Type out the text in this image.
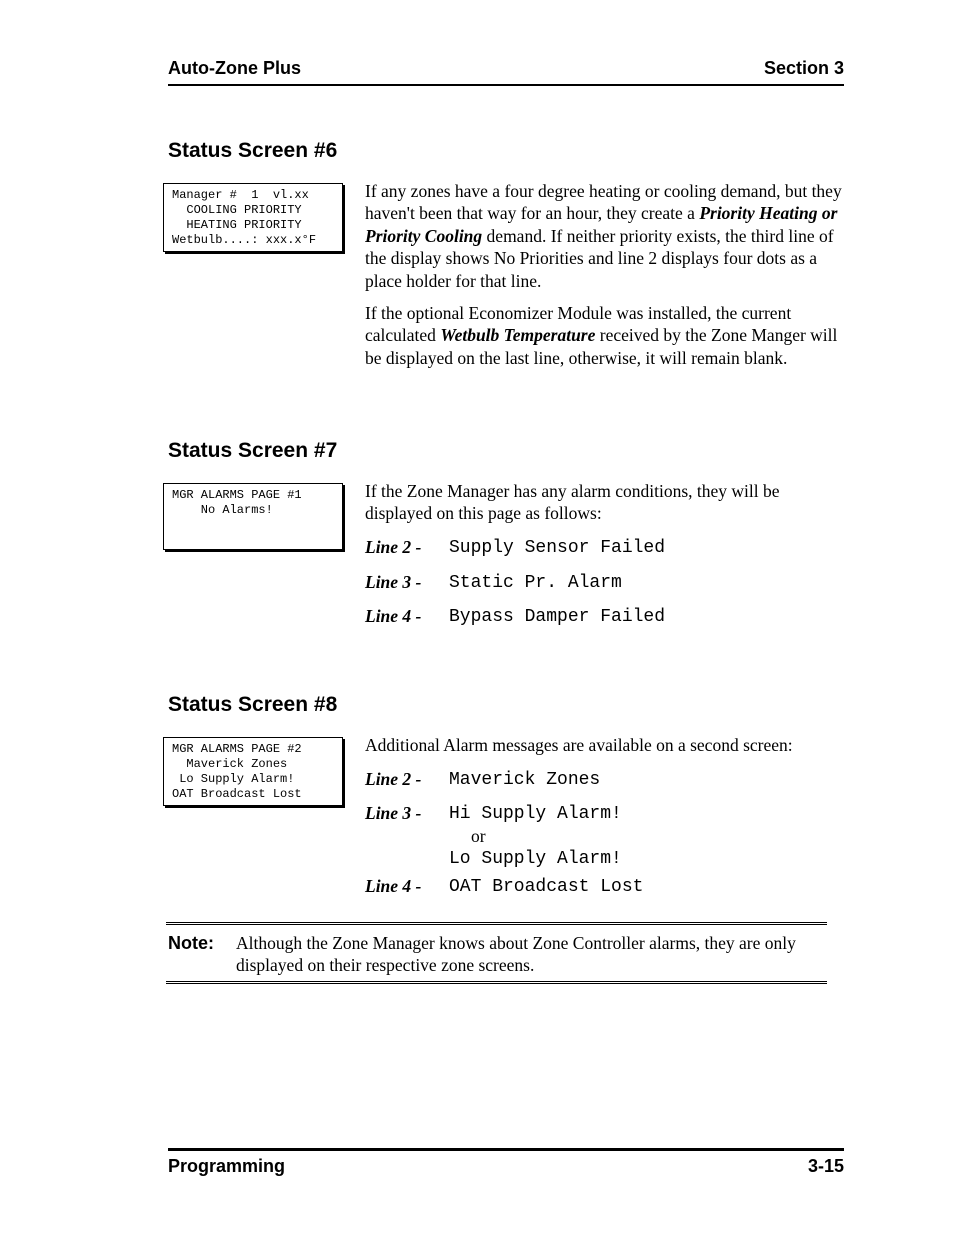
Auto-Zone Plus	Section 3
Status Screen #6
Manager #  1  vl.xx
COOLING PRIORITY
HEATING PRIORITY
Wetbulb....: xxx.x°F

If any zones have a four degree heating or cooling demand, but they haven't been that way for an hour, they create a Priority Heating or Priority Cooling demand. If neither priority exists, the third line of the display shows No Priorities and line 2 displays four dots as a place holder for that line.

If the optional Economizer Module was installed, the current calculated Wetbulb Temperature received by the Zone Manger will be displayed on the last line, otherwise, it will remain blank.

Status Screen #7
MGR ALARMS PAGE #1
No Alarms!

If the Zone Manager has any alarm conditions, they will be displayed on this page as follows:

Line 2 - Supply Sensor Failed
Line 3 - Static Pr. Alarm
Line 4 - Bypass Damper Failed
Status Screen #8
MGR ALARMS PAGE #2
Maverick Zones
Lo Supply Alarm!
OAT Broadcast Lost

Additional Alarm messages are available on a second screen:

Line 2 - Maverick Zones
Line 3 - Hi Supply Alarm!
or
Lo Supply Alarm!
Line 4 - OAT Broadcast Lost
Note: Although the Zone Manager knows about Zone Controller alarms, they are only displayed on their respective zone screens.

Programming	3-15
